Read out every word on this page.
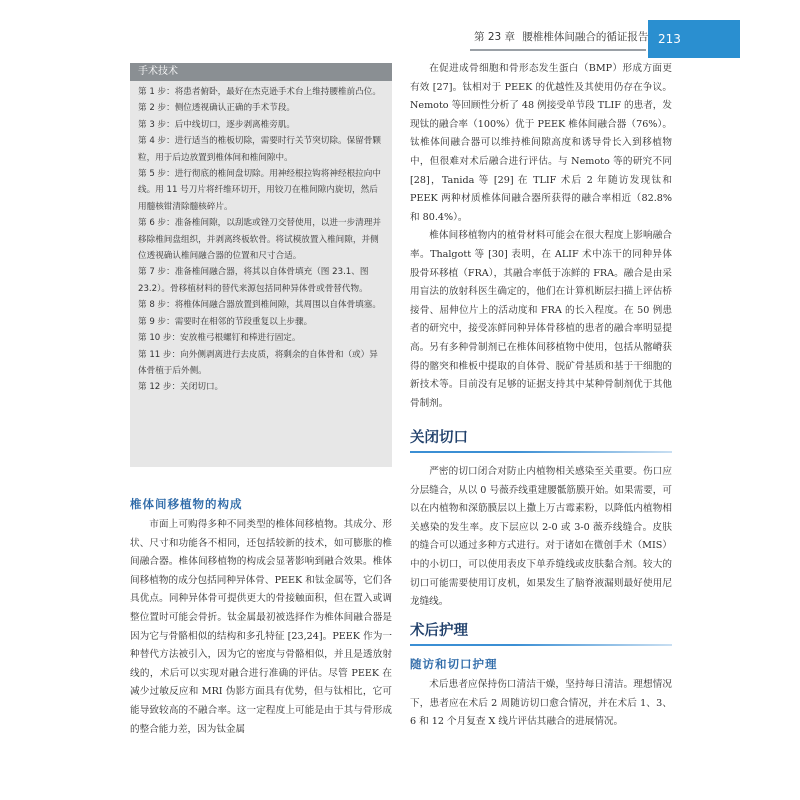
第 23 章 腰椎椎体间融合的循证报告 213
手术技术

第 1 步：将患者俯卧，最好在杰克逊手术台上维持腰椎前凸位。

第 2 步：侧位透视确认正确的手术节段。

第 3 步：后中线切口，逐步剥离椎旁肌。

第 4 步：进行适当的椎板切除，需要时行关节突切除。保留骨颗粒，用于后边放置到椎体间和椎间隙中。

第 5 步：进行彻底的椎间盘切除。用神经根拉钩将神经根拉向中线。用 11 号刀片将纤维环切开，用铰刀在椎间隙内旋切，然后用髓核钳清除髓核碎片。

第 6 步：准备椎间隙，以刮匙或锉刀交替使用，以进一步清理并移除椎间盘组织，并剥离终板软骨。将试模放置入椎间隙，并侧位透视确认椎间融合器的位置和尺寸合适。

第 7 步：准备椎间融合器，将其以自体骨填充（图 23.1、图 23.2）。骨移植材料的替代来源包括同种异体骨或骨替代物。

第 8 步：将椎体间融合器放置到椎间隙，其周围以自体骨填塞。

第 9 步：需要时在相邻的节段重复以上步骤。

第 10 步：安放椎弓根螺钉和棒进行固定。

第 11 步：向外侧剥离进行去皮质，将剩余的自体骨和（或）异体骨植于后外侧。

第 12 步：关闭切口。

椎体间移植物的构成

市面上可购得多种不同类型的椎体间移植物。其成分、形状、尺寸和功能各不相同，还包括较新的技术，如可膨胀的椎间融合器。椎体间移植物的构成会显著影响到融合效果。椎体间移植物的成分包括同种异体骨、PEEK 和钛金属等，它们各具优点。同种异体骨可提供更大的骨接触面积，但在置入或调整位置时可能会骨折。钛金属最初被选择作为椎体间融合器是因为它与骨骼相似的结构和多孔特征 [23,24]。PEEK 作为一种替代方法被引入，因为它的密度与骨骼相似，并且是透放射线的，术后可以实现对融合进行准确的评估。尽管 PEEK 在减少过敏反应和 MRI 伪影方面具有优势，但与钛相比，它可能导致较高的不融合率。这一定程度上可能是由于其与骨形成的整合能力差，因为钛金属

在促进成骨细胞和骨形态发生蛋白（BMP）形成方面更有效 [27]。钛相对于 PEEK 的优越性及其使用仍存在争议。Nemoto 等回顾性分析了 48 例接受单节段 TLIF 的患者，发现钛的融合率（100%）优于 PEEK 椎体间融合器（76%）。钛椎体间融合器可以维持椎间隙高度和诱导骨长入到移植物中，但很难对术后融合进行评估。与 Nemoto 等的研究不同 [28]，Tanida 等 [29] 在 TLIF 术后 2 年随访发现钛和 PEEK 两种材质椎体间融合器所获得的融合率相近（82.8% 和 80.4%）。

椎体间移植物内的植骨材料可能会在很大程度上影响融合率。Thalgott 等 [30] 表明，在 ALIF 术中冻干的同种异体股骨环移植（FRA），其融合率低于冻鲜的 FRA。融合是由采用盲法的放射科医生确定的，他们在计算机断层扫描上评估桥接骨、屈伸位片上的活动度和 FRA 的长入程度。在 50 例患者的研究中，接受冻鲜同种异体骨移植的患者的融合率明显提高。另有多种骨制剂已在椎体间移植物中使用，包括从髂嵴获得的髂突和椎板中提取的自体骨、脱矿骨基质和基于干细胞的新技术等。目前没有足够的证据支持其中某种骨制剂优于其他骨制剂。

关闭切口

严密的切口闭合对防止内植物相关感染至关重要。伤口应分层缝合，从以 0 号薇乔线重建腰骶筋膜开始。如果需要，可以在内植物和深筋膜层以上撒上万古霉素粉，以降低内植物相关感染的发生率。皮下层应以 2-0 或 3-0 薇乔线缝合。皮肤的缝合可以通过多种方式进行。对于诸如在微创手术（MIS）中的小切口，可以使用表皮下单乔缝线或皮肤黏合剂。较大的切口可能需要使用订皮机，如果发生了脑脊液漏则最好使用尼龙缝线。

术后护理
随访和切口护理

术后患者应保持伤口清洁干燥，坚持每日清洁。理想情况下，患者应在术后 2 周随访切口愈合情况，并在术后 1、3、6 和 12 个月复查 X 线片评估其融合的进展情况。
